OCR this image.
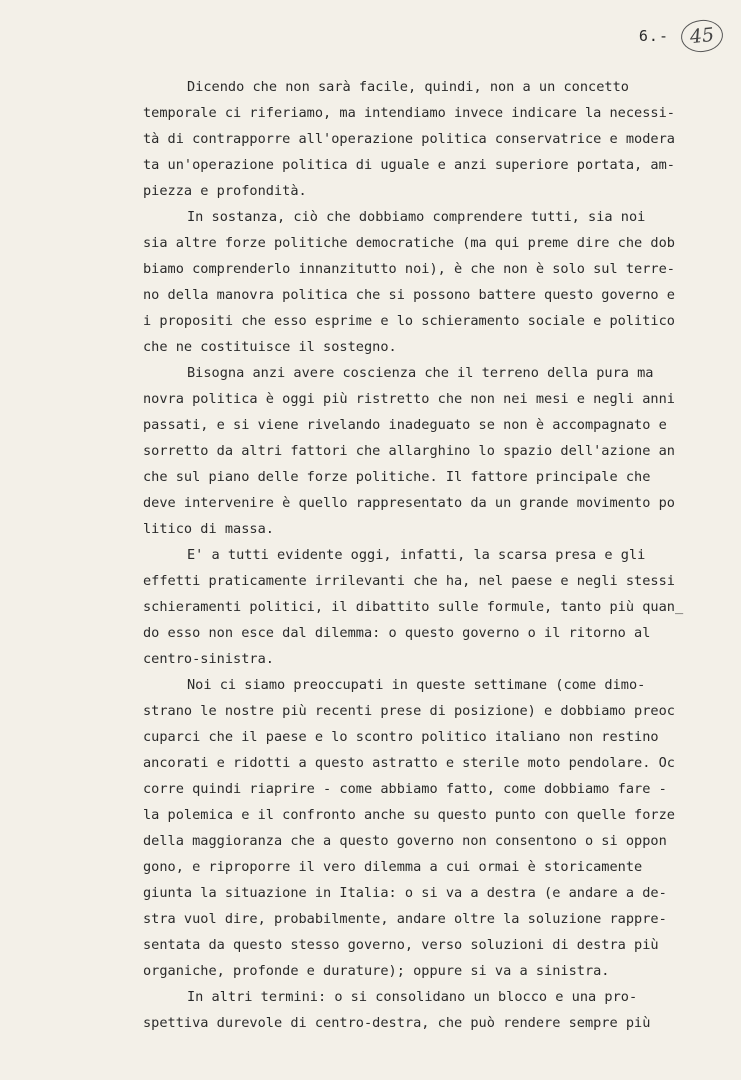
6.-	45
Dicendo che non sarà facile, quindi, non a un concetto
temporale ci riferiamo, ma intendiamo invece indicare la necessi-
tà di contrapporre all'operazione politica conservatrice e modera
ta un'operazione politica di uguale e anzi superiore portata, am-
piezza e profondità.
In sostanza, ciò che dobbiamo comprendere tutti, sia noi
sia altre forze politiche democratiche (ma qui preme dire che dob
biamo comprenderlo innanzitutto noi), è che non è solo sul terre-
no della manovra politica che si possono battere questo governo e
i propositi che esso esprime e lo schieramento sociale e politico
che ne costituisce il sostegno.
Bisogna anzi avere coscienza che il terreno della pura ma
novra politica è oggi più ristretto che non nei mesi e negli anni
passati, e si viene rivelando inadeguato se non è accompagnato e
sorretto da altri fattori che allarghino lo spazio dell'azione an
che sul piano delle forze politiche. Il fattore principale che
deve intervenire è quello rappresentato da un grande movimento po
litico di massa.
E' a tutti evidente oggi, infatti, la scarsa presa e gli
effetti praticamente irrilevanti che ha, nel paese e negli stessi
schieramenti politici, il dibattito sulle formule, tanto più quan_
do esso non esce dal dilemma: o questo governo o il ritorno al
centro-sinistra.
Noi ci siamo preoccupati in queste settimane (come dimo-
strano le nostre più recenti prese di posizione) e dobbiamo preoc
cuparci che il paese e lo scontro politico italiano non restino
ancorati e ridotti a questo astratto e sterile moto pendolare. Oc
corre quindi riaprire - come abbiamo fatto, come dobbiamo fare -
la polemica e il confronto anche su questo punto con quelle forze
della maggioranza che a questo governo non consentono o si oppon
gono, e riproporre il vero dilemma a cui ormai è storicamente
giunta la situazione in Italia: o si va a destra (e andare a de-
stra vuol dire, probabilmente, andare oltre la soluzione rappre-
sentata da questo stesso governo, verso soluzioni di destra più
organiche, profonde e durature); oppure si va a sinistra.
In altri termini: o si consolidano un blocco e una pro-
spettiva durevole di centro-destra, che può rendere sempre più
